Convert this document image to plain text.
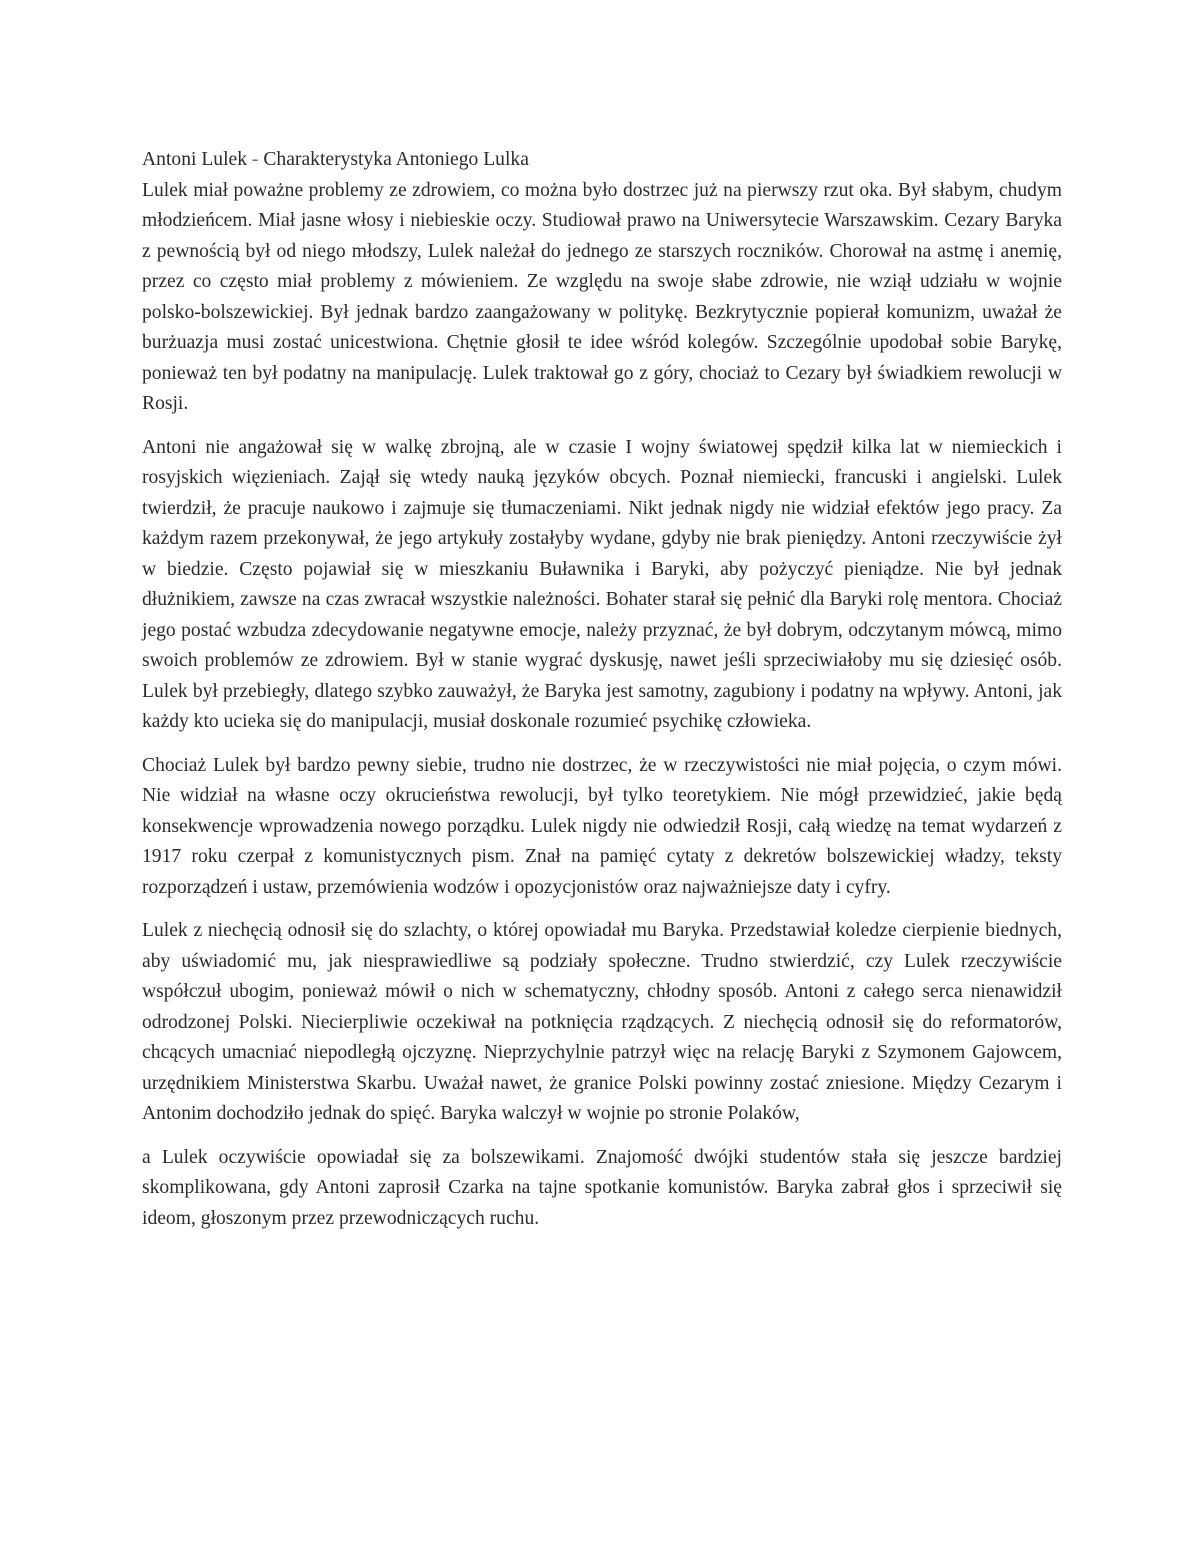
Antoni Lulek - Charakterystyka Antoniego Lulka

Lulek miał poważne problemy ze zdrowiem, co można było dostrzec już na pierwszy rzut oka. Był słabym, chudym młodzieńcem. Miał jasne włosy i niebieskie oczy. Studiował prawo na Uniwersytecie Warszawskim. Cezary Baryka z pewnością był od niego młodszy, Lulek należał do jednego ze starszych roczników. Chorował na astmę i anemię, przez co często miał problemy z mówieniem. Ze względu na swoje słabe zdrowie, nie wziął udziału w wojnie polsko-bolszewickiej. Był jednak bardzo zaangażowany w politykę. Bezkrytycznie popierał komunizm, uważał że burżuazja musi zostać unicestwiona. Chętnie głosił te idee wśród kolegów. Szczególnie upodobał sobie Barykę, ponieważ ten był podatny na manipulację. Lulek traktował go z góry, chociaż to Cezary był świadkiem rewolucji w Rosji.

Antoni nie angażował się w walkę zbrojną, ale w czasie I wojny światowej spędził kilka lat w niemieckich i rosyjskich więzieniach. Zajął się wtedy nauką języków obcych. Poznał niemiecki, francuski i angielski. Lulek twierdził, że pracuje naukowo i zajmuje się tłumaczeniami. Nikt jednak nigdy nie widział efektów jego pracy. Za każdym razem przekonywał, że jego artykuły zostałyby wydane, gdyby nie brak pieniędzy. Antoni rzeczywiście żył w biedzie. Często pojawiał się w mieszkaniu Buławnika i Baryki, aby pożyczyć pieniądze. Nie był jednak dłużnikiem, zawsze na czas zwracał wszystkie należności. Bohater starał się pełnić dla Baryki rolę mentora. Chociaż jego postać wzbudza zdecydowanie negatywne emocje, należy przyznać, że był dobrym, odczytanym mówcą, mimo swoich problemów ze zdrowiem. Był w stanie wygrać dyskusję, nawet jeśli sprzeciwiałoby mu się dziesięć osób. Lulek był przebiegły, dlatego szybko zauważył, że Baryka jest samotny, zagubiony i podatny na wpływy. Antoni, jak każdy kto ucieka się do manipulacji, musiał doskonale rozumieć psychikę człowieka.

Chociaż Lulek był bardzo pewny siebie, trudno nie dostrzec, że w rzeczywistości nie miał pojęcia, o czym mówi. Nie widział na własne oczy okrucieństwa rewolucji, był tylko teoretykiem. Nie mógł przewidzieć, jakie będą konsekwencje wprowadzenia nowego porządku. Lulek nigdy nie odwiedził Rosji, całą wiedzę na temat wydarzeń z 1917 roku czerpał z komunistycznych pism. Znał na pamięć cytaty z dekretów bolszewickiej władzy, teksty rozporządzeń i ustaw, przemówienia wodzów i opozycjonistów oraz najważniejsze daty i cyfry.

Lulek z niechęcią odnosił się do szlachty, o której opowiadał mu Baryka. Przedstawiał koledze cierpienie biednych, aby uświadomić mu, jak niesprawiedliwe są podziały społeczne. Trudno stwierdzić, czy Lulek rzeczywiście współczuł ubogim, ponieważ mówił o nich w schematyczny, chłodny sposób. Antoni z całego serca nienawidził odrodzonej Polski. Niecierpliwie oczekiwał na potknięcia rządzących. Z niechęcią odnosił się do reformatorów, chcących umacniać niepodległą ojczyznę. Nieprzychylnie patrzył więc na relację Baryki z Szymonem Gajowcem, urzędnikiem Ministerstwa Skarbu. Uważał nawet, że granice Polski powinny zostać zniesione. Między Cezarym i Antonim dochodziło jednak do spięć. Baryka walczył w wojnie po stronie Polaków,

a Lulek oczywiście opowiadał się za bolszewikami. Znajomość dwójki studentów stała się jeszcze bardziej skomplikowana, gdy Antoni zaprosił Czarka na tajne spotkanie komunistów. Baryka zabrał głos i sprzeciwił się ideom, głoszonym przez przewodniczących ruchu.
